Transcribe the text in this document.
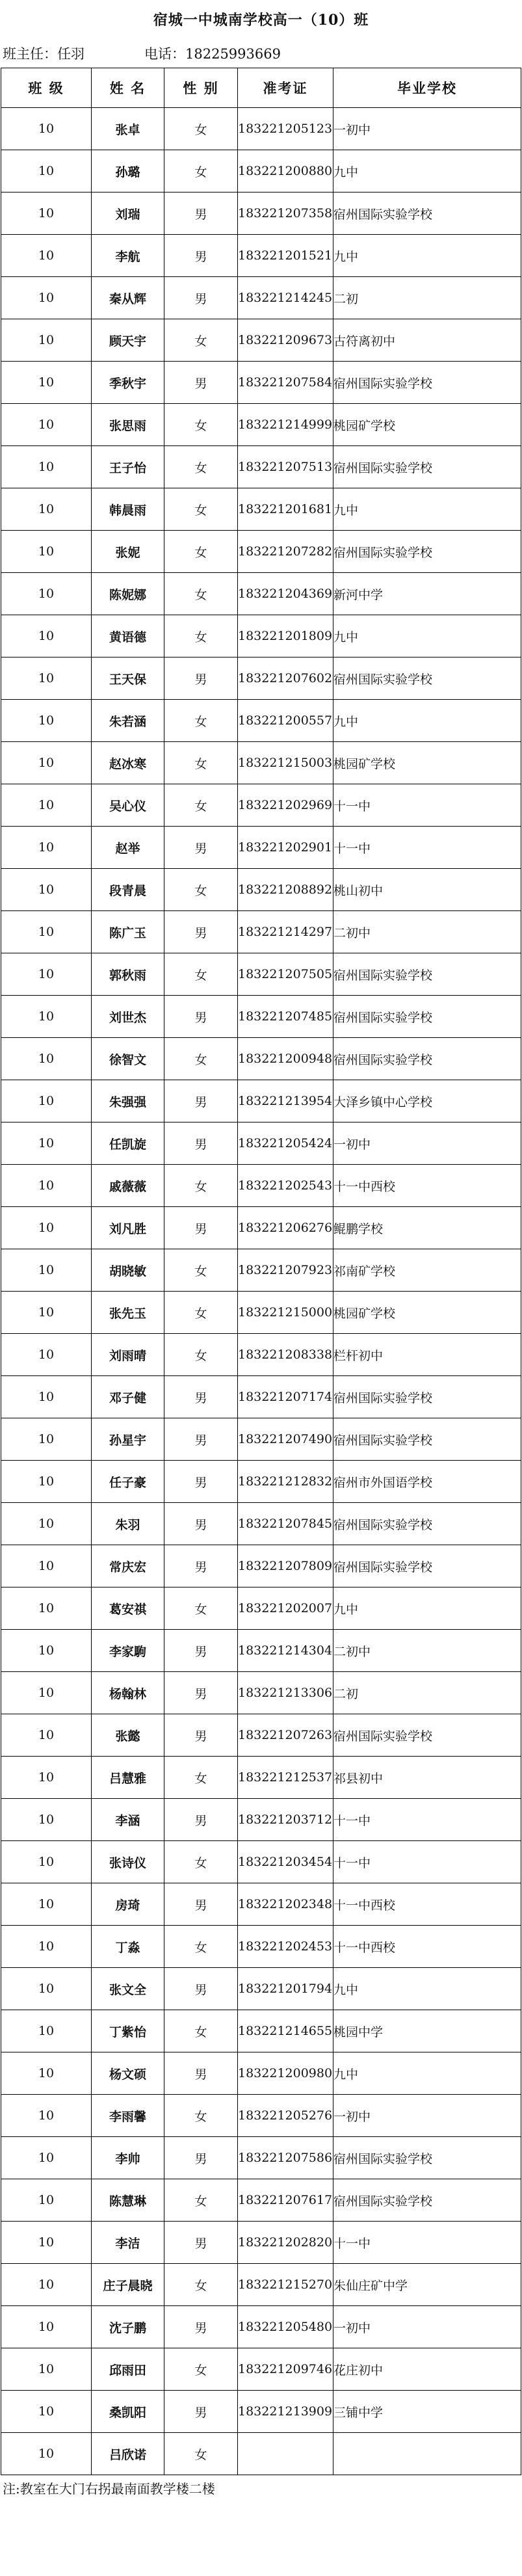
宿城一中城南学校高一（10）班
班主任：任羽	电话：18225993669
班 级	姓 名	性 别	准考证	毕业学校
10	张卓	女	183221205123	一初中
10	孙璐	女	183221200880	九中
10	刘瑞	男	183221207358	宿州国际实验学校
10	李航	男	183221201521	九中
10	秦从辉	男	183221214245	二初
10	顾天宇	女	183221209673	古符离初中
10	季秋宇	男	183221207584	宿州国际实验学校
10	张思雨	女	183221214999	桃园矿学校
10	王子怡	女	183221207513	宿州国际实验学校
10	韩晨雨	女	183221201681	九中
10	张妮	女	183221207282	宿州国际实验学校
10	陈妮娜	女	183221204369	新河中学
10	黄语德	女	183221201809	九中
10	王天保	男	183221207602	宿州国际实验学校
10	朱若涵	女	183221200557	九中
10	赵冰寒	女	183221215003	桃园矿学校
10	吴心仪	女	183221202969	十一中
10	赵举	男	183221202901	十一中
10	段青晨	女	183221208892	桃山初中
10	陈广玉	男	183221214297	二初中
10	郭秋雨	女	183221207505	宿州国际实验学校
10	刘世杰	男	183221207485	宿州国际实验学校
10	徐智文	女	183221200948	宿州国际实验学校
10	朱强强	男	183221213954	大泽乡镇中心学校
10	任凯旋	男	183221205424	一初中
10	戚薇薇	女	183221202543	十一中西校
10	刘凡胜	男	183221206276	鲲鹏学校
10	胡晓敏	女	183221207923	祁南矿学校
10	张先玉	女	183221215000	桃园矿学校
10	刘雨晴	女	183221208338	栏杆初中
10	邓子健	男	183221207174	宿州国际实验学校
10	孙星宇	男	183221207490	宿州国际实验学校
10	任子豪	男	183221212832	宿州市外国语学校
10	朱羽	男	183221207845	宿州国际实验学校
10	常庆宏	男	183221207809	宿州国际实验学校
10	葛安祺	女	183221202007	九中
10	李家駒	男	183221214304	二初中
10	杨翰林	男	183221213306	二初
10	张懿	男	183221207263	宿州国际实验学校
10	吕慧雅	女	183221212537	祁县初中
10	李涵	男	183221203712	十一中
10	张诗仪	女	183221203454	十一中
10	房琦	男	183221202348	十一中西校
10	丁淼	女	183221202453	十一中西校
10	张文全	男	183221201794	九中
10	丁紫怡	女	183221214655	桃园中学
10	杨文硕	男	183221200980	九中
10	李雨馨	女	183221205276	一初中
10	李帅	男	183221207586	宿州国际实验学校
10	陈慧琳	女	183221207617	宿州国际实验学校
10	李洁	男	183221202820	十一中
10	庄子晨晓	女	183221215270	朱仙庄矿中学
10	沈子鹏	男	183221205480	一初中
10	邱雨田	女	183221209746	花庄初中
10	桑凯阳	男	183221213909	三铺中学
10	吕欣诺	女		
注:教室在大门右拐最南面教学楼二楼
